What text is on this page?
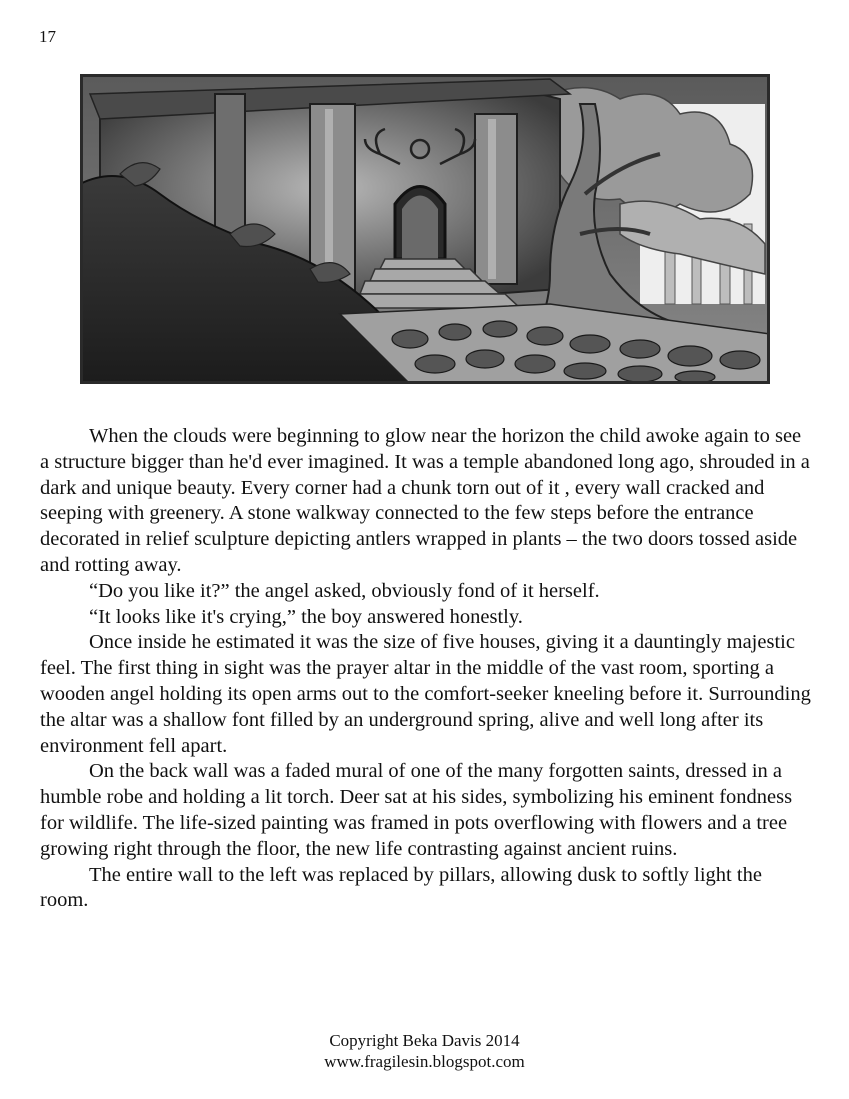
17

When the clouds were beginning to glow near the horizon the child awoke again to see a structure bigger than he'd ever imagined. It was a temple abandoned long ago, shrouded in a dark and unique beauty. Every corner had a chunk torn out of it , every wall cracked and seeping with greenery. A stone walkway connected to the few steps before the entrance decorated in relief sculpture depicting antlers wrapped in plants – the two doors tossed aside and rotting away.

“Do you like it?” the angel asked, obviously fond of it herself.

“It looks like it's crying,” the boy answered honestly.

Once inside he estimated it was the size of five houses, giving it a dauntingly majestic feel. The first thing in sight was the prayer altar in the middle of the vast room, sporting a wooden angel holding its open arms out to the comfort-seeker kneeling before it. Surrounding the altar was a shallow font filled by an underground spring, alive and well long after its environment fell apart.

On the back wall was a faded mural of one of the many forgotten saints, dressed in a humble robe and holding a lit torch. Deer sat at his sides, symbolizing his eminent fondness for wildlife. The life-sized painting was framed in pots overflowing with flowers and a tree growing right through the floor, the new life contrasting against ancient ruins.

The entire wall to the left was replaced by pillars, allowing dusk to softly light the room.

Copyright Beka Davis 2014
www.fragilesin.blogspot.com
